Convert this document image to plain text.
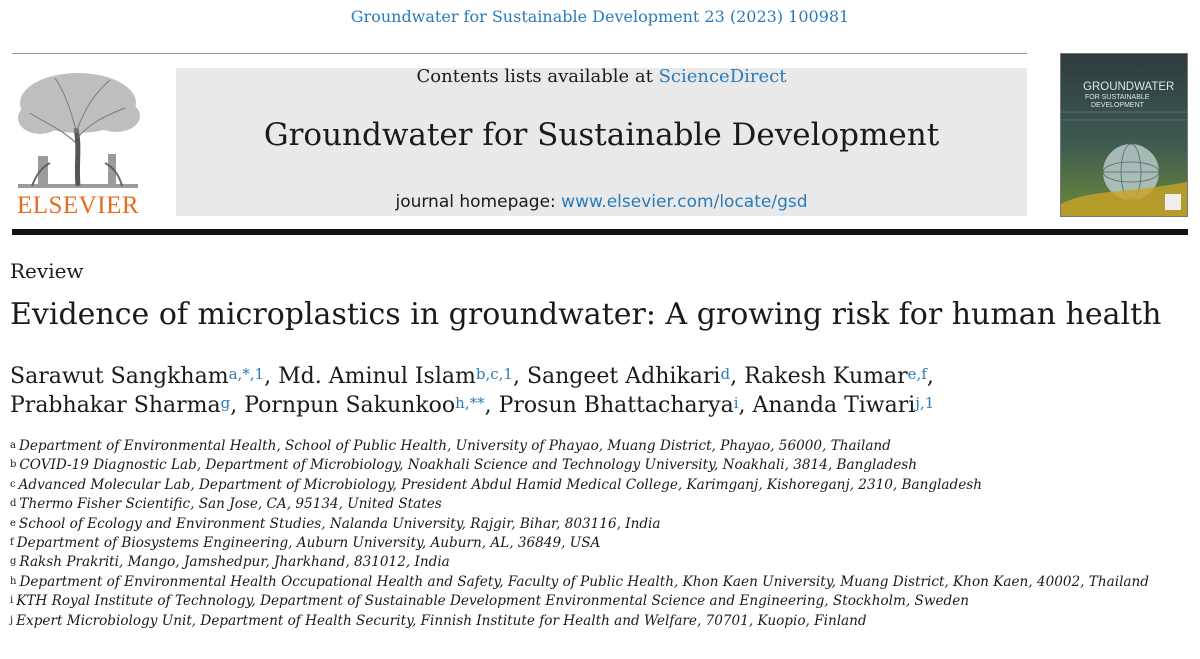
Groundwater for Sustainable Development 23 (2023) 100981
ELSEVIER
Contents lists available at ScienceDirect
Groundwater for Sustainable Development
journal homepage: www.elsevier.com/locate/gsd
GROUNDWATER
FOR SUSTAINABLE
DEVELOPMENT
Review
Evidence of microplastics in groundwater: A growing risk for human health
Sarawut Sangkham$^{a,*,1}$, Md. Aminul Islam$^{b,c,1}$, Sangeet Adhikari$^d$, Rakesh Kumar$^{e,f}$,
Prabhakar Sharma$^g$, Pornpun Sakunkoo$^{h,**}$, Prosun Bhattacharya$^i$, Ananda Tiwari$^{j,1}$
$^a$ Department of Environmental Health, School of Public Health, University of Phayao, Muang District, Phayao, 56000, Thailand
$^b$ COVID-19 Diagnostic Lab, Department of Microbiology, Noakhali Science and Technology University, Noakhali, 3814, Bangladesh
$^c$ Advanced Molecular Lab, Department of Microbiology, President Abdul Hamid Medical College, Karimganj, Kishoreganj, 2310, Bangladesh
$^d$ Thermo Fisher Scientific, San Jose, CA, 95134, United States
$^e$ School of Ecology and Environment Studies, Nalanda University, Rajgir, Bihar, 803116, India
$^f$ Department of Biosystems Engineering, Auburn University, Auburn, AL, 36849, USA
$^g$ Raksh Prakriti, Mango, Jamshedpur, Jharkhand, 831012, India
$^h$ Department of Environmental Health Occupational Health and Safety, Faculty of Public Health, Khon Kaen University, Muang District, Khon Kaen, 40002, Thailand
$^i$ KTH Royal Institute of Technology, Department of Sustainable Development Environmental Science and Engineering, Stockholm, Sweden
$^j$ Expert Microbiology Unit, Department of Health Security, Finnish Institute for Health and Welfare, 70701, Kuopio, Finland
